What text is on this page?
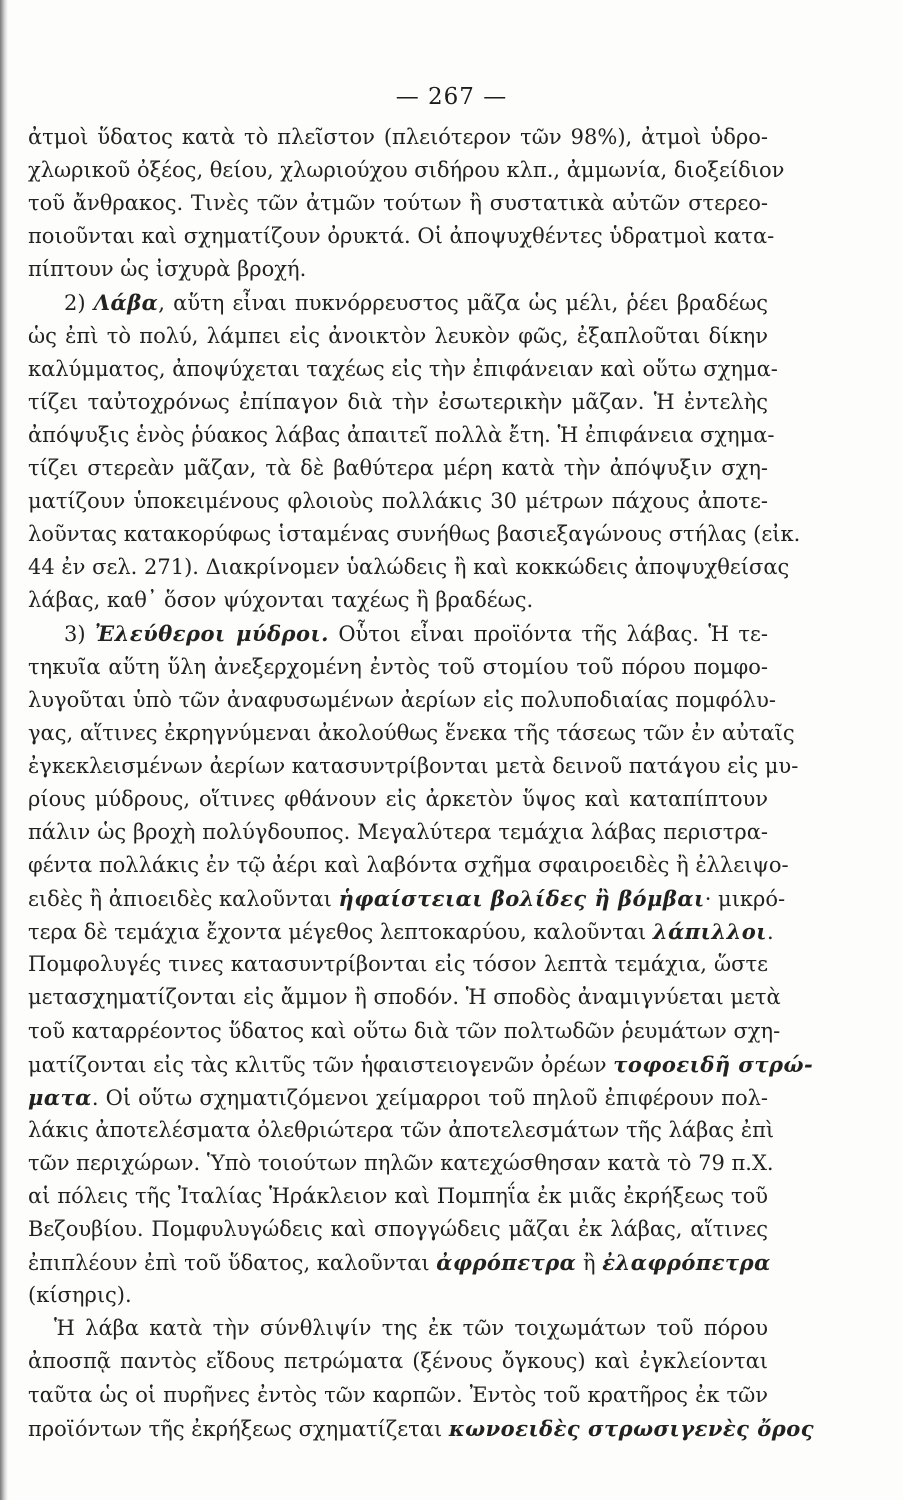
— 267 —
ἀτμοὶ ὕδατος κατὰ τὸ πλεῖστον (πλειότερον τῶν 98%), ἀτμοὶ ὑδρο-
χλωρικοῦ ὀξέος, θείου, χλωριούχου σιδήρου κλπ., ἀμμωνία, διοξείδιον
τοῦ ἄνθρακος. Τινὲς τῶν ἀτμῶν τούτων ἢ συστατικὰ αὐτῶν στερεο-
ποιοῦνται καὶ σχηματίζουν ὀρυκτά. Οἱ ἀποψυχθέντες ὑδρατμοὶ κατα-
πίπτουν ὡς ἰσχυρὰ βροχή.
2) Λάβα, αὕτη εἶναι πυκνόρρευστος μᾶζα ὡς μέλι, ῥέει βραδέως
ὡς ἐπὶ τὸ πολύ, λάμπει εἰς ἀνοικτὸν λευκὸν φῶς, ἐξαπλοῦται δίκην
καλύμματος, ἀποψύχεται ταχέως εἰς τὴν ἐπιφάνειαν καὶ οὕτω σχημα-
τίζει ταὐτοχρόνως ἐπίπαγον διὰ τὴν ἐσωτερικὴν μᾶζαν. Ἡ ἐντελὴς
ἀπόψυξις ἑνὸς ῥύακος λάβας ἀπαιτεῖ πολλὰ ἔτη. Ἡ ἐπιφάνεια σχημα-
τίζει στερεὰν μᾶζαν, τὰ δὲ βαθύτερα μέρη κατὰ τὴν ἀπόψυξιν σχη-
ματίζουν ὑποκειμένους φλοιοὺς πολλάκις 30 μέτρων πάχους ἀποτε-
λοῦντας κατακορύφως ἱσταμένας συνήθως βασιεξαγώνους στήλας (εἰκ.
44 ἐν σελ. 271). Διακρίνομεν ὑαλώδεις ἢ καὶ κοκκώδεις ἀποψυχθείσας
λάβας, καθ᾽ ὅσον ψύχονται ταχέως ἢ βραδέως.
3) Ἐλεύθεροι μύδροι. Οὗτοι εἶναι προϊόντα τῆς λάβας. Ἡ τε-
τηκυῖα αὕτη ὕλη ἀνεξερχομένη ἐντὸς τοῦ στομίου τοῦ πόρου πομφο-
λυγοῦται ὑπὸ τῶν ἀναφυσωμένων ἀερίων εἰς πολυποδιαίας πομφόλυ-
γας, αἵτινες ἐκρηγνύμεναι ἀκολούθως ἕνεκα τῆς τάσεως τῶν ἐν αὐταῖς
ἐγκεκλεισμένων ἀερίων κατασυντρίβονται μετὰ δεινοῦ πατάγου εἰς μυ-
ρίους μύδρους, οἵτινες φθάνουν εἰς ἀρκετὸν ὕψος καὶ καταπίπτουν
πάλιν ὡς βροχὴ πολύγδουπος. Μεγαλύτερα τεμάχια λάβας περιστρα-
φέντα πολλάκις ἐν τῷ ἀέρι καὶ λαβόντα σχῆμα σφαιροειδὲς ἢ ἐλλειψο-
ειδὲς ἢ ἀπιοειδὲς καλοῦνται ἡφαίστειαι βολίδες ἢ βόμβαι· μικρό-
τερα δὲ τεμάχια ἔχοντα μέγεθος λεπτοκαρύου, καλοῦνται λάπιλλοι.
Πομφολυγές τινες κατασυντρίβονται εἰς τόσον λεπτὰ τεμάχια, ὥστε
μετασχηματίζονται εἰς ἄμμον ἢ σποδόν. Ἡ σποδὸς ἀναμιγνύεται μετὰ
τοῦ καταρρέοντος ὕδατος καὶ οὕτω διὰ τῶν πολτωδῶν ῥευμάτων σχη-
ματίζονται εἰς τὰς κλιτῦς τῶν ἡφαιστειογενῶν ὀρέων τοφοειδῆ στρώ-
ματα. Οἱ οὕτω σχηματιζόμενοι χείμαρροι τοῦ πηλοῦ ἐπιφέρουν πολ-
λάκις ἀποτελέσματα ὀλεθριώτερα τῶν ἀποτελεσμάτων τῆς λάβας ἐπὶ
τῶν περιχώρων. Ὑπὸ τοιούτων πηλῶν κατεχώσθησαν κατὰ τὸ 79 π.Χ.
αἱ πόλεις τῆς Ἰταλίας Ἡράκλειον καὶ Πομπηΐα ἐκ μιᾶς ἐκρήξεως τοῦ
Βεζουβίου. Πομφυλυγώδεις καὶ σπογγώδεις μᾶζαι ἐκ λάβας, αἵτινες
ἐπιπλέουν ἐπὶ τοῦ ὕδατος, καλοῦνται ἀφρόπετρα ἢ ἐλαφρόπετρα
(κίσηρις).
Ἡ λάβα κατὰ τὴν σύνθλιψίν της ἐκ τῶν τοιχωμάτων τοῦ πόρου
ἀποσπᾷ παντὸς εἴδους πετρώματα (ξένους ὄγκους) καὶ ἐγκλείονται
ταῦτα ὡς οἱ πυρῆνες ἐντὸς τῶν καρπῶν. Ἐντὸς τοῦ κρατῆρος ἐκ τῶν
προϊόντων τῆς ἐκρήξεως σχηματίζεται κωνοειδὲς στρωσιγενὲς ὄρος
